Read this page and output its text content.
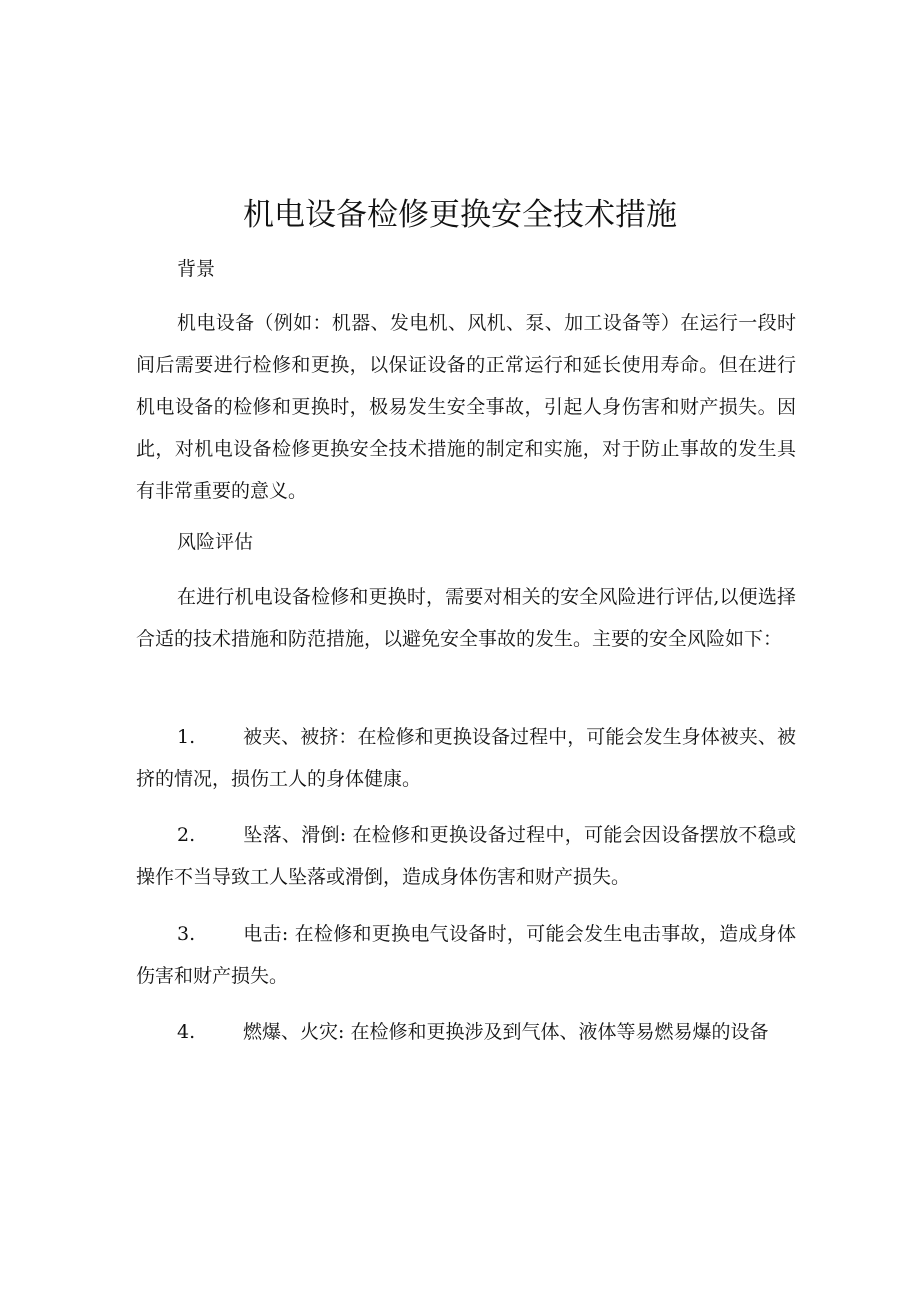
机电设备检修更换安全技术措施

背景

机电设备（例如：机器、发电机、风机、泵、加工设备等）在运行一段时间后需要进行检修和更换，以保证设备的正常运行和延长使用寿命。但在进行机电设备的检修和更换时，极易发生安全事故，引起人身伤害和财产损失。因此，对机电设备检修更换安全技术措施的制定和实施，对于防止事故的发生具有非常重要的意义。

风险评估

在进行机电设备检修和更换时，需要对相关的安全风险进行评估,以便选择合适的技术措施和防范措施，以避免安全事故的发生。主要的安全风险如下：

1.	被夹、被挤：在检修和更换设备过程中，可能会发生身体被夹、被挤的情况，损伤工人的身体健康。

2.	坠落、滑倒: 在检修和更换设备过程中，可能会因设备摆放不稳或操作不当导致工人坠落或滑倒，造成身体伤害和财产损失。

3.	电击: 在检修和更换电气设备时，可能会发生电击事故，造成身体伤害和财产损失。

4.	燃爆、火灾: 在检修和更换涉及到气体、液体等易燃易爆的设备
